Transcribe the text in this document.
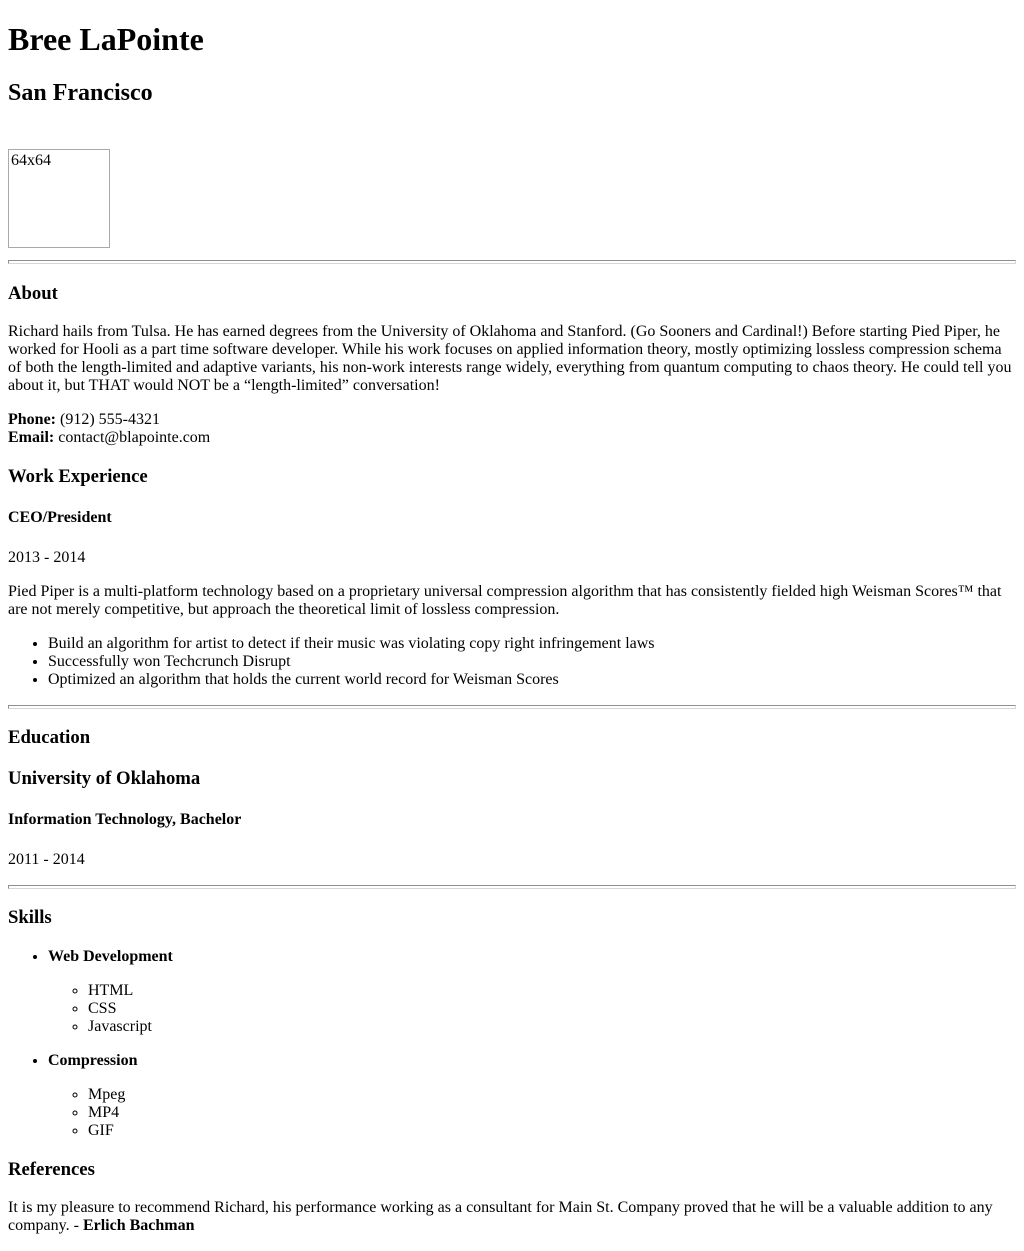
Bree LaPointe
San Francisco
64x64
About

Richard hails from Tulsa. He has earned degrees from the University of Oklahoma and Stanford. (Go Sooners and Cardinal!) Before starting Pied Piper, he worked for Hooli as a part time software developer. While his work focuses on applied information theory, mostly optimizing lossless compression schema of both the length-limited and adaptive variants, his non-work interests range widely, everything from quantum computing to chaos theory. He could tell you about it, but THAT would NOT be a “length-limited” conversation!

Phone: (912) 555-4321
Email: contact@blapointe.com

Work Experience
CEO/President

2013 - 2014

Pied Piper is a multi-platform technology based on a proprietary universal compression algorithm that has consistently fielded high Weisman Scores™ that are not merely competitive, but approach the theoretical limit of lossless compression.

• Build an algorithm for artist to detect if their music was violating copy right infringement laws
• Successfully won Techcrunch Disrupt
• Optimized an algorithm that holds the current world record for Weisman Scores
Education
University of Oklahoma
Information Technology, Bachelor

2011 - 2014

Skills

• Web Development

◦ HTML
◦ CSS
◦ Javascript

• Compression

◦ Mpeg
◦ MP4
◦ GIF
References

It is my pleasure to recommend Richard, his performance working as a consultant for Main St. Company proved that he will be a valuable addition to any company. - Erlich Bachman
